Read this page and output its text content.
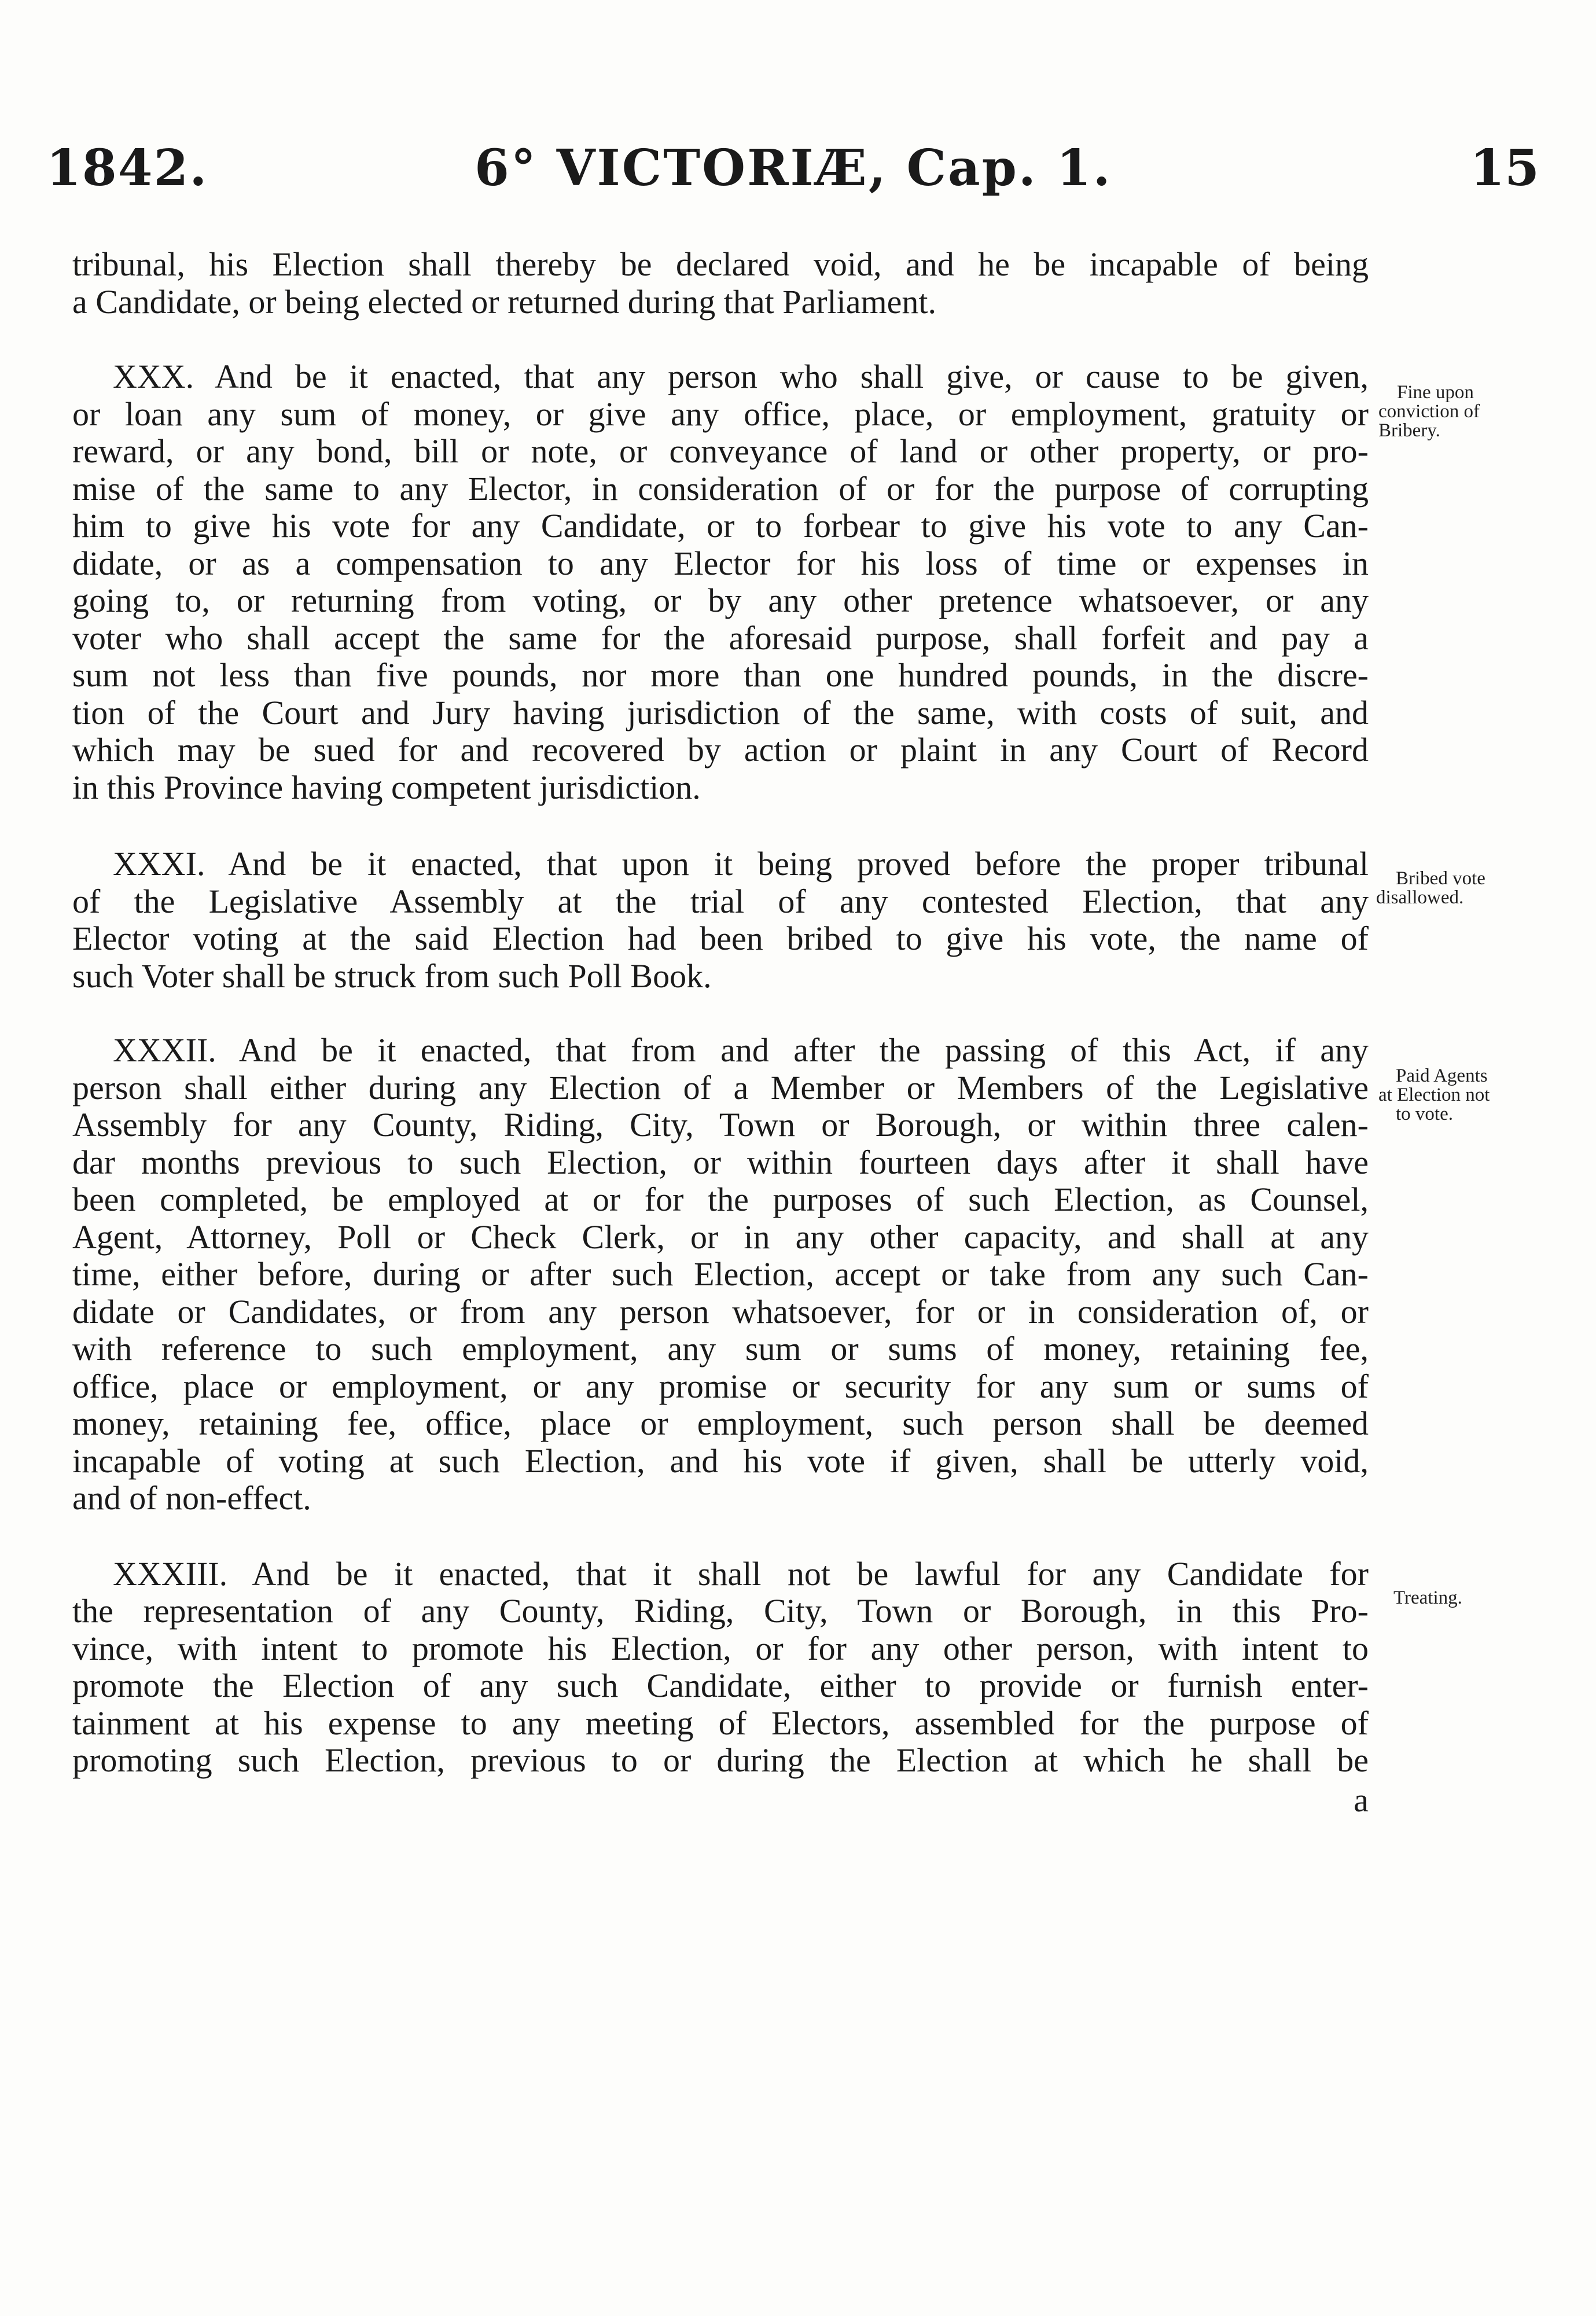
1842.	6° VICTORIÆ, Cap. 1.	15

tribunal, his Election shall thereby be declared void, and he be incapable of being
a Candidate, or being elected or returned during that Parliament.

XXX. And be it enacted, that any person who shall give, or cause to be given,
or loan any sum of money, or give any office, place, or employment, gratuity or
reward, or any bond, bill or note, or conveyance of land or other property, or pro-
mise of the same to any Elector, in consideration of or for the purpose of corrupting
him to give his vote for any Candidate, or to forbear to give his vote to any Can-
didate, or as a compensation to any Elector for his loss of time or expenses in
going to, or returning from voting, or by any other pretence whatsoever, or any
voter who shall accept the same for the aforesaid purpose, shall forfeit and pay a
sum not less than five pounds, nor more than one hundred pounds, in the discre-
tion of the Court and Jury having jurisdiction of the same, with costs of suit, and
which may be sued for and recovered by action or plaint in any Court of Record
in this Province having competent jurisdiction.

XXXI. And be it enacted, that upon it being proved before the proper tribunal
of the Legislative Assembly at the trial of any contested Election, that any
Elector voting at the said Election had been bribed to give his vote, the name of
such Voter shall be struck from such Poll Book.

XXXII. And be it enacted, that from and after the passing of this Act, if any
person shall either during any Election of a Member or Members of the Legislative
Assembly for any County, Riding, City, Town or Borough, or within three calen-
dar months previous to such Election, or within fourteen days after it shall have
been completed, be employed at or for the purposes of such Election, as Counsel,
Agent, Attorney, Poll or Check Clerk, or in any other capacity, and shall at any
time, either before, during or after such Election, accept or take from any such Can-
didate or Candidates, or from any person whatsoever, for or in consideration of, or
with reference to such employment, any sum or sums of money, retaining fee,
office, place or employment, or any promise or security for any sum or sums of
money, retaining fee, office, place or employment, such person shall be deemed
incapable of voting at such Election, and his vote if given, shall be utterly void,
and of non-effect.

XXXIII. And be it enacted, that it shall not be lawful for any Candidate for
the representation of any County, Riding, City, Town or Borough, in this Pro-
vince, with intent to promote his Election, or for any other person, with intent to
promote the Election of any such Candidate, either to provide or furnish enter-
tainment at his expense to any meeting of Electors, assembled for the purpose of
promoting such Election, previous to or during the Election at which he shall be

a
Fine upon
conviction of
Bribery.
Bribed vote
disallowed.
Paid Agents
at Election not
to vote.
Treating.
